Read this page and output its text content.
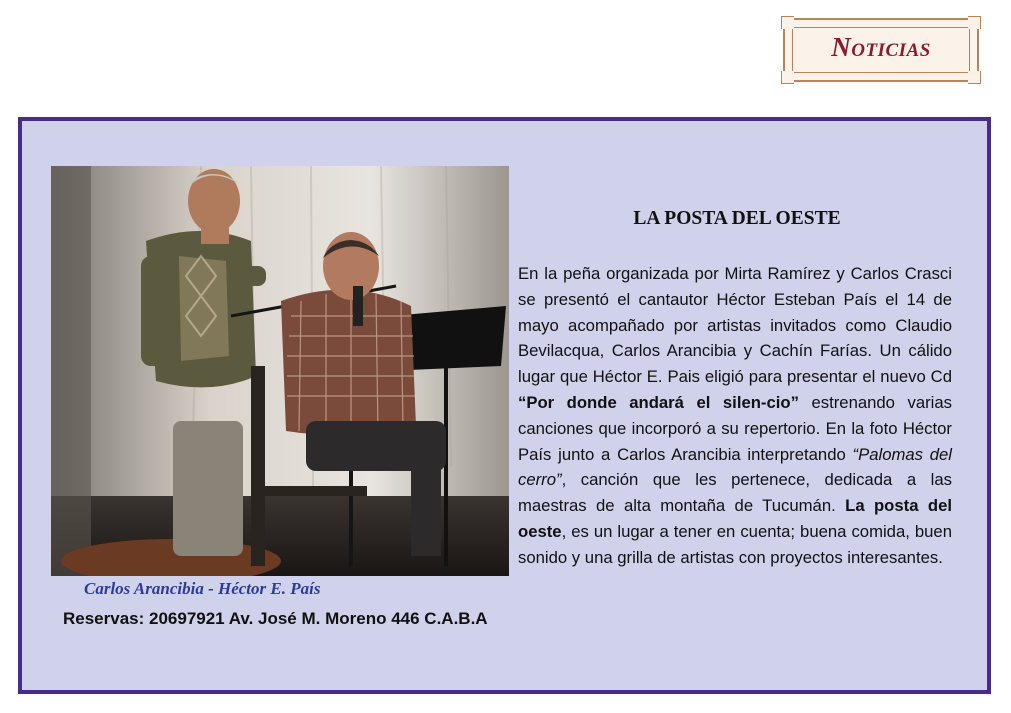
Noticias
Carlos Arancibia - Héctor E. País
Reservas: 20697921 Av. José M. Moreno 446 C.A.B.A
LA POSTA DEL OESTE
En la peña organizada por Mirta Ramírez y Carlos Crasci se presentó el cantautor Héctor Esteban País el 14 de mayo acompañado por artistas invitados como Claudio Bevilacqua, Carlos Arancibia y Cachín Farías. Un cálido lugar que Héctor E. Pais eligió para presentar el nuevo Cd “Por donde andará el silen-cio” estrenando varias canciones que incorporó a su repertorio. En la foto Héctor País junto a Carlos Arancibia interpretando “Palomas del cerro”, canción que les pertenece, dedicada a las maestras de alta montaña de Tucumán. La posta del oeste, es un lugar a tener en cuenta; buena comida, buen sonido y una grilla de artistas con proyectos interesantes.
